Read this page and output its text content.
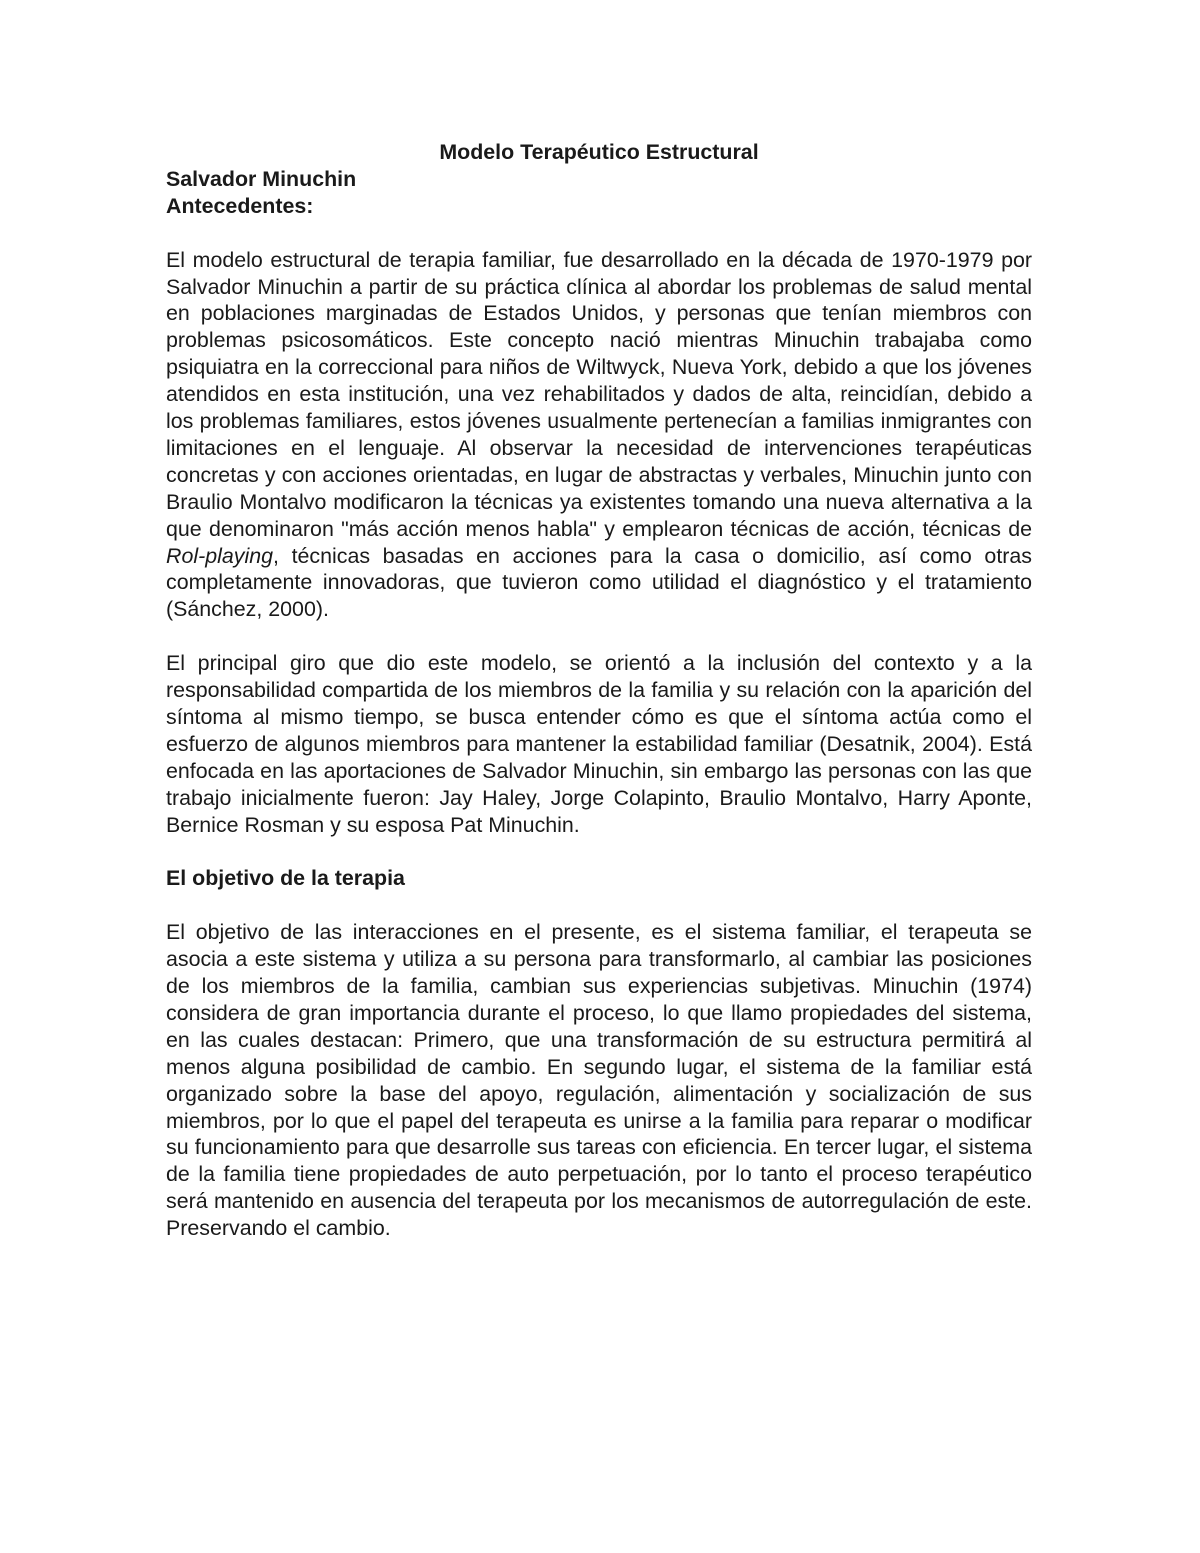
Modelo Terapéutico Estructural

Salvador Minuchin

Antecedentes:

El modelo estructural de terapia familiar, fue desarrollado en la década de 1970-1979 por Salvador Minuchin a partir de su práctica clínica al abordar los problemas de salud mental en poblaciones marginadas de Estados Unidos, y personas que tenían miembros con problemas psicosomáticos. Este concepto nació mientras Minuchin trabajaba como psiquiatra en la correccional para niños de Wiltwyck, Nueva York, debido a que los jóvenes atendidos en esta institución, una vez rehabilitados y dados de alta, reincidían, debido a los problemas familiares, estos jóvenes usualmente pertenecían a familias inmigrantes con limitaciones en el lenguaje. Al observar la necesidad de intervenciones terapéuticas concretas y con acciones orientadas, en lugar de abstractas y verbales, Minuchin junto con Braulio Montalvo modificaron la técnicas ya existentes tomando una nueva alternativa a la que denominaron "más acción menos habla" y emplearon técnicas de acción, técnicas de Rol-playing, técnicas basadas en acciones para la casa o domicilio, así como otras completamente innovadoras, que tuvieron como utilidad el diagnóstico y el tratamiento (Sánchez, 2000).

El principal giro que dio este modelo, se orientó a la inclusión del contexto y a la responsabilidad compartida de los miembros de la familia y su relación con la aparición del síntoma al mismo tiempo, se busca entender cómo es que el síntoma actúa como el esfuerzo de algunos miembros para mantener la estabilidad familiar (Desatnik, 2004). Está enfocada en las aportaciones de Salvador Minuchin, sin embargo las personas con las que trabajo inicialmente fueron: Jay Haley, Jorge Colapinto, Braulio Montalvo, Harry Aponte, Bernice Rosman y su esposa Pat Minuchin.

El objetivo de la terapia

El objetivo de las interacciones en el presente, es el sistema familiar, el terapeuta se asocia a este sistema y utiliza a su persona para transformarlo, al cambiar las posiciones de los miembros de la familia, cambian sus experiencias subjetivas. Minuchin (1974) considera de gran importancia durante el proceso, lo que llamo propiedades del sistema, en las cuales destacan: Primero, que una transformación de su estructura permitirá al menos alguna posibilidad de cambio. En segundo lugar, el sistema de la familiar está organizado sobre la base del apoyo, regulación, alimentación y socialización de sus miembros, por lo que el papel del terapeuta es unirse a la familia para reparar o modificar su funcionamiento para que desarrolle sus tareas con eficiencia. En tercer lugar, el sistema de la familia tiene propiedades de auto perpetuación, por lo tanto el proceso terapéutico será mantenido en ausencia del terapeuta por los mecanismos de autorregulación de este. Preservando el cambio.
